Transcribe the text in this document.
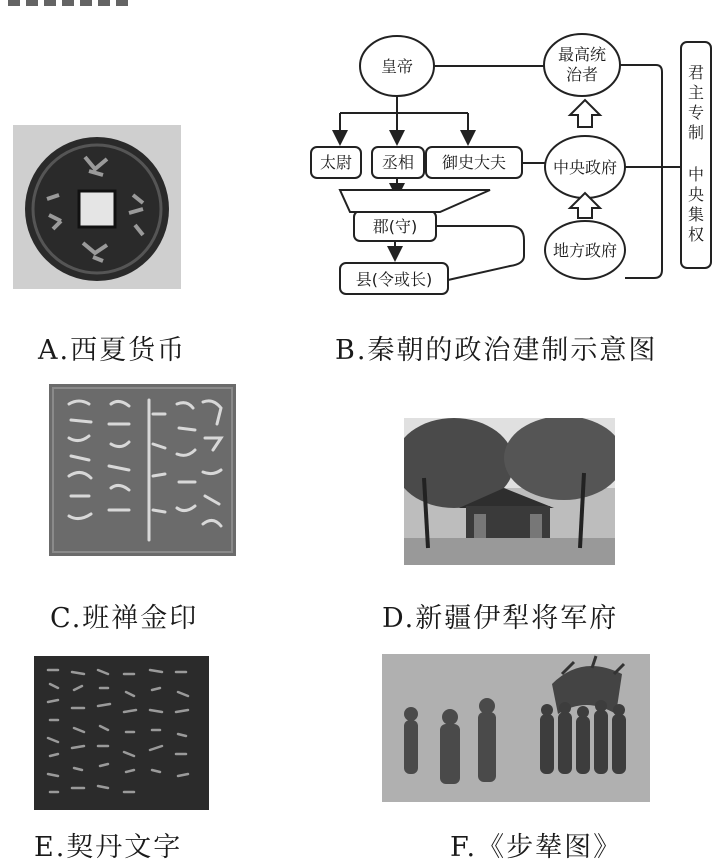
A.西夏货币
皇帝
最高统
治者
太尉 丞相 御史大夫	中央政府
郡(守)
地方政府
县(令或长)
君
主
专
制
中
央
集
权
B.秦朝的政治建制示意图
C.班禅金印	D.新疆伊犁将军府
E.契丹文字	F.《步辇图》
